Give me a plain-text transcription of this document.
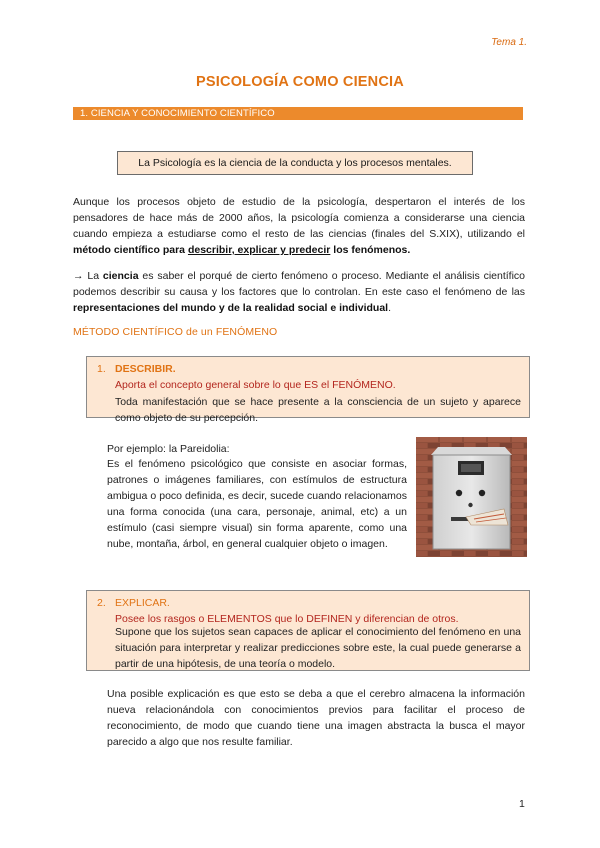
Tema 1.
PSICOLOGÍA COMO CIENCIA
1. CIENCIA Y CONOCIMIENTO CIENTÍFICO
La Psicología es la ciencia de la conducta y los procesos mentales.
Aunque los procesos objeto de estudio de la psicología, despertaron el interés de los pensadores de hace más de 2000 años, la psicología comienza a considerarse una ciencia cuando empieza a estudiarse como el resto de las ciencias (finales del S.XIX), utilizando el método científico para describir, explicar y predecir los fenómenos.
→ La ciencia es saber el porqué de cierto fenómeno o proceso. Mediante el análisis científico podemos describir su causa y los factores que lo controlan. En este caso el fenómeno de las representaciones del mundo y de la realidad social e individual.
MÉTODO CIENTÍFICO de un FENÓMENO
1. DESCRIBIR.
Aporta el concepto general sobre lo que ES el FENÓMENO.
Toda manifestación que se hace presente a la consciencia de un sujeto y aparece como objeto de su percepción.
Por ejemplo: la Pareidolia:
Es el fenómeno psicológico que consiste en asociar formas, patrones o imágenes familiares, con estímulos de estructura ambigua o poco definida, es decir, sucede cuando relacionamos una forma conocida (una cara, personaje, animal, etc) a un estímulo (casi siempre visual) sin forma aparente, como una nube, montaña, árbol, en general cualquier objeto o imagen.
2. EXPLICAR.
Posee los rasgos o ELEMENTOS que lo DEFINEN y diferencian de otros.
Supone que los sujetos sean capaces de aplicar el conocimiento del fenómeno en una situación para interpretar y realizar predicciones sobre este, la cual puede generarse a partir de una hipótesis, de una teoría o modelo.
Una posible explicación es que esto se deba a que el cerebro almacena la información nueva relacionándola con conocimientos previos para facilitar el proceso de reconocimiento, de modo que cuando tiene una imagen abstracta la busca el mayor parecido a algo que nos resulte familiar.
1
